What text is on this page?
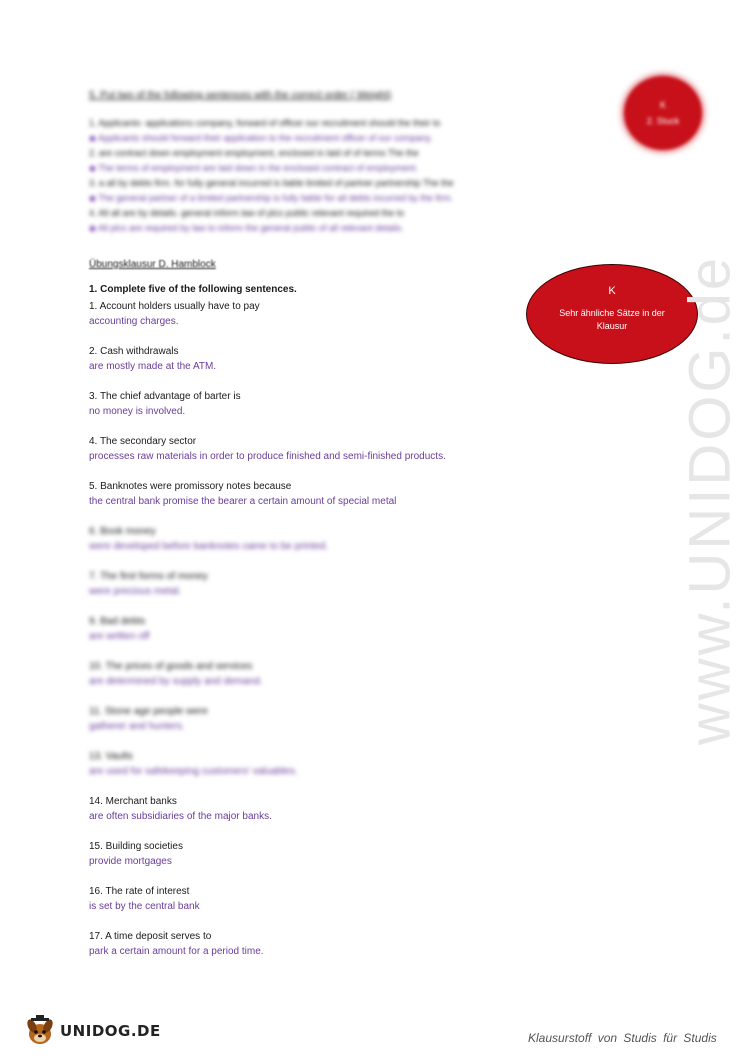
5. Put two of the following sentences with the correct order ( Weight)
1. Applicants- applications company, forward of officer our recruitment should the their to
◆ Applicants should forward their application to the recruitment officer of our company.
2. are contract down employment employment, enclosed in laid of of terms The the
◆ The terms of employment are laid down in the enclosed contract of employment.
3. a all by debts firm. for fully general incurred is liable limited of partner partnership The the
◆ The general partner of a limited partnership is fully liable for all debts incurred by the firm.
4. All all are by details. general inform law of plcs public relevant required the to
◆ All plcs are required by law to inform the general public of all relevant details.
K
2. Stuck
Übungsklausur D. Hamblock
1. Complete five of the following sentences.	K
Sehr ähnliche Sätze in der Klausur
1. Account holders usually have to pay
accounting charges.
2. Cash withdrawals
are mostly made at the ATM.
3. The chief advantage of barter is
no money is involved.
4. The secondary sector
processes raw materials in order to produce finished and semi-finished products.
5. Banknotes were promissory notes because
the central bank promise the bearer a certain amount of special metal
6. Book money
were developed before banknotes came to be printed.
7. The first forms of money
were precious metal.
9. Bad debts
are written off
10. The prices of goods and services
are determined by supply and demand.
11. Stone age people were
gatherer and hunters.
13. Vaults
are used for safekeeping customers' valuables.
14. Merchant banks
are often subsidiaries of the major banks.
15. Building societies
provide mortgages
16. The rate of interest
is set by the central bank
17. A time deposit serves to
park a certain amount for a period time.
www.UNIDOG.de
UNIDOG.DE	Klausurstoff von Studis für Studis
